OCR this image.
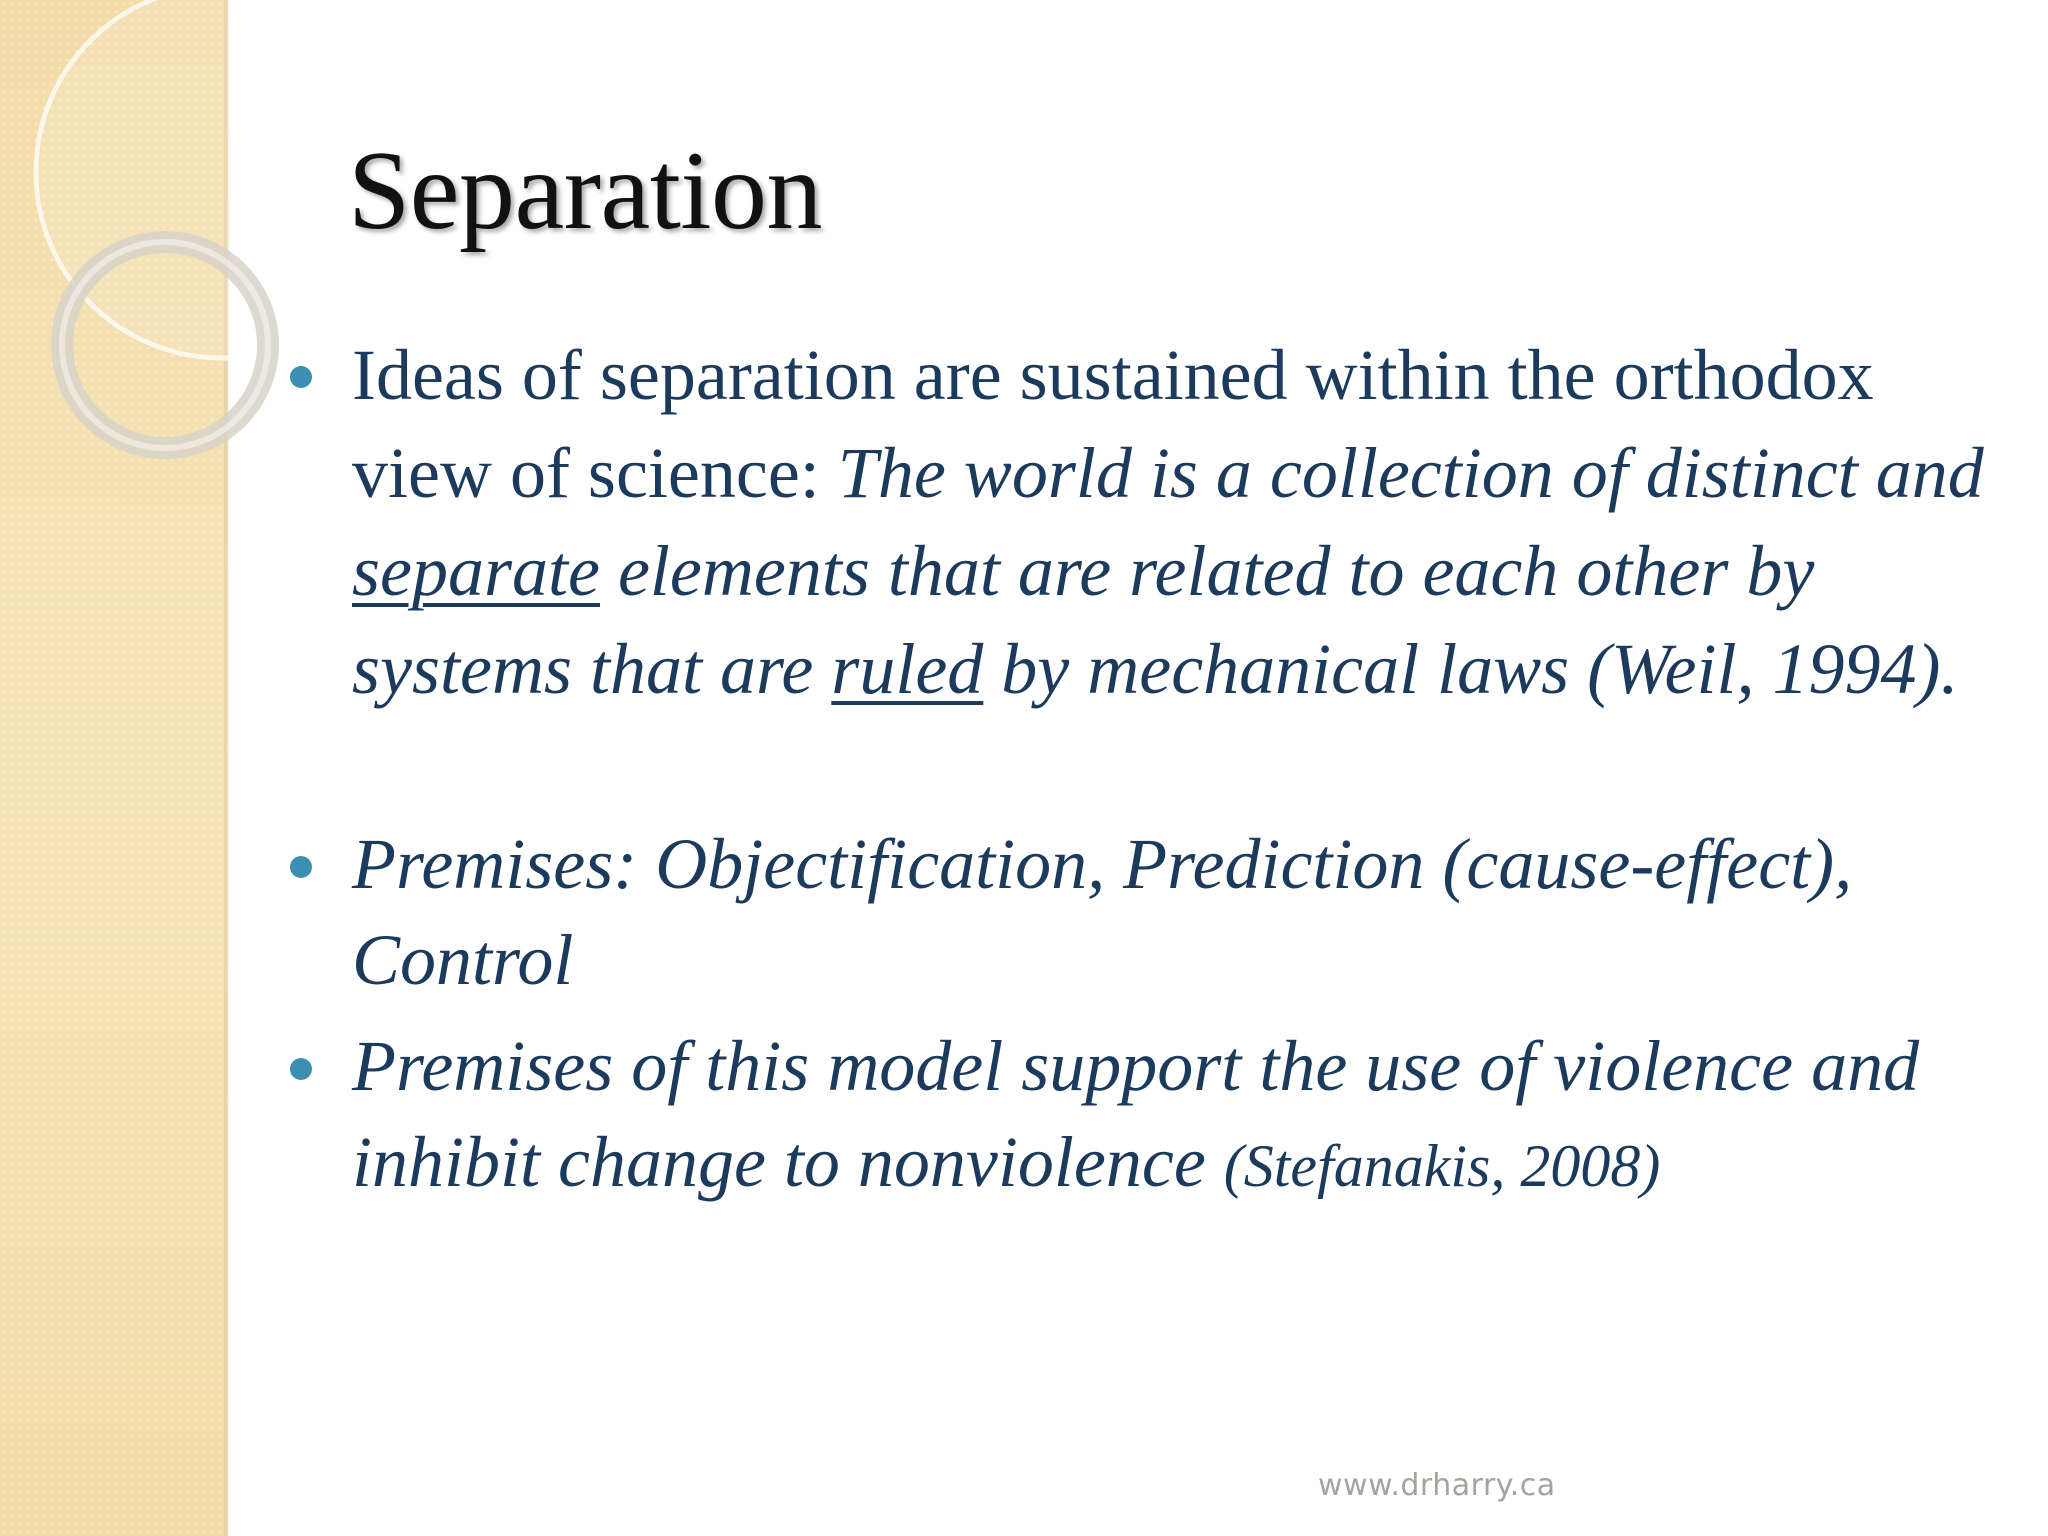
Separation
Ideas of separation are sustained within the orthodox view of science: The world is a collection of distinct and separate elements that are related to each other by systems that are ruled by mechanical laws (Weil, 1994).
Premises: Objectification, Prediction (cause-effect), Control
Premises of this model support the use of violence and inhibit change to nonviolence (Stefanakis, 2008)
www.drharry.ca
